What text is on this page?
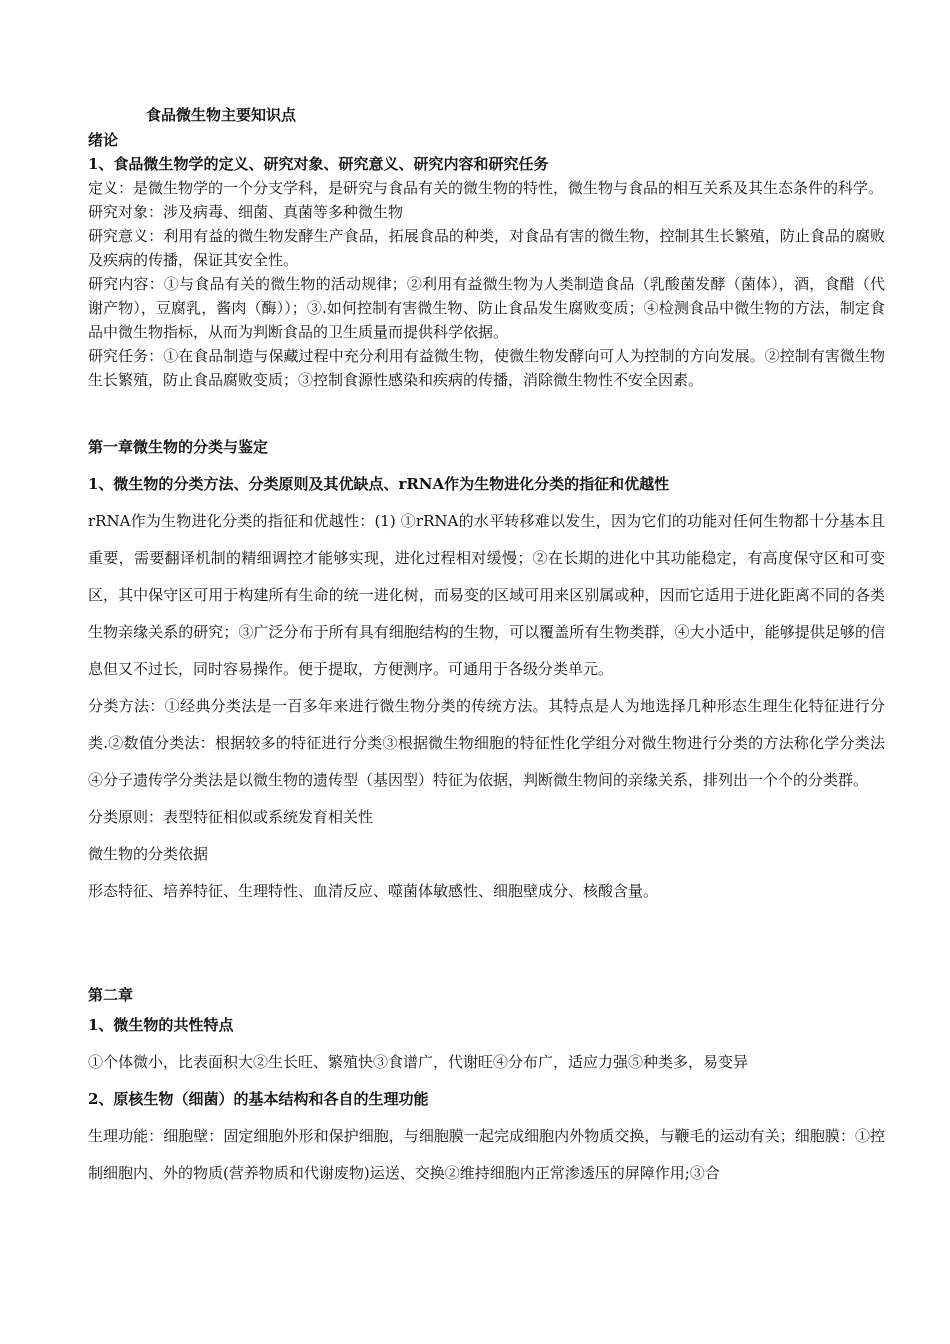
食品微生物主要知识点
绪论
1、食品微生物学的定义、研究对象、研究意义、研究内容和研究任务
定义：是微生物学的一个分支学科，是研究与食品有关的微生物的特性，微生物与食品的相互关系及其生态条件的科学。
研究对象：涉及病毒、细菌、真菌等多种微生物
研究意义：利用有益的微生物发酵生产食品，拓展食品的种类，对食品有害的微生物，控制其生长繁殖，防止食品的腐败及疾病的传播，保证其安全性。
研究内容：①与食品有关的微生物的活动规律；②利用有益微生物为人类制造食品（乳酸菌发酵（菌体），酒，食醋（代谢产物），豆腐乳，酱肉（酶））；③.如何控制有害微生物、防止食品发生腐败变质；④检测食品中微生物的方法，制定食品中微生物指标，从而为判断食品的卫生质量而提供科学依据。
研究任务：①在食品制造与保藏过程中充分利用有益微生物，使微生物发酵向可人为控制的方向发展。②控制有害微生物生长繁殖，防止食品腐败变质；③控制食源性感染和疾病的传播，消除微生物性不安全因素。
第一章微生物的分类与鉴定
1、微生物的分类方法、分类原则及其优缺点、rRNA作为生物进化分类的指征和优越性
rRNA作为生物进化分类的指征和优越性：(1) ①rRNA的水平转移难以发生，因为它们的功能对任何生物都十分基本且重要，需要翻译机制的精细调控才能够实现，进化过程相对缓慢；②在长期的进化中其功能稳定，有高度保守区和可变区，其中保守区可用于构建所有生命的统一进化树，而易变的区域可用来区别属或种，因而它适用于进化距离不同的各类生物亲缘关系的研究；③广泛分布于所有具有细胞结构的生物，可以覆盖所有生物类群，④大小适中，能够提供足够的信息但又不过长，同时容易操作。便于提取，方便测序。可通用于各级分类单元。
分类方法：①经典分类法是一百多年来进行微生物分类的传统方法。其特点是人为地选择几种形态生理生化特征进行分类.②数值分类法：根据较多的特征进行分类③根据微生物细胞的特征性化学组分对微生物进行分类的方法称化学分类法④分子遗传学分类法是以微生物的遗传型（基因型）特征为依据，判断微生物间的亲缘关系，排列出一个个的分类群。
分类原则：表型特征相似或系统发育相关性
微生物的分类依据
形态特征、培养特征、生理特性、血清反应、噬菌体敏感性、细胞壁成分、核酸含量。
第二章
1、微生物的共性特点
①个体微小，比表面积大②生长旺、繁殖快③食谱广，代谢旺④分布广，适应力强⑤种类多，易变异
2、原核生物（细菌）的基本结构和各自的生理功能
生理功能：细胞壁：固定细胞外形和保护细胞，与细胞膜一起完成细胞内外物质交换，与鞭毛的运动有关；细胞膜：①控制细胞内、外的物质(营养物质和代谢废物)运送、交换②维持细胞内正常渗透压的屏障作用;③合
